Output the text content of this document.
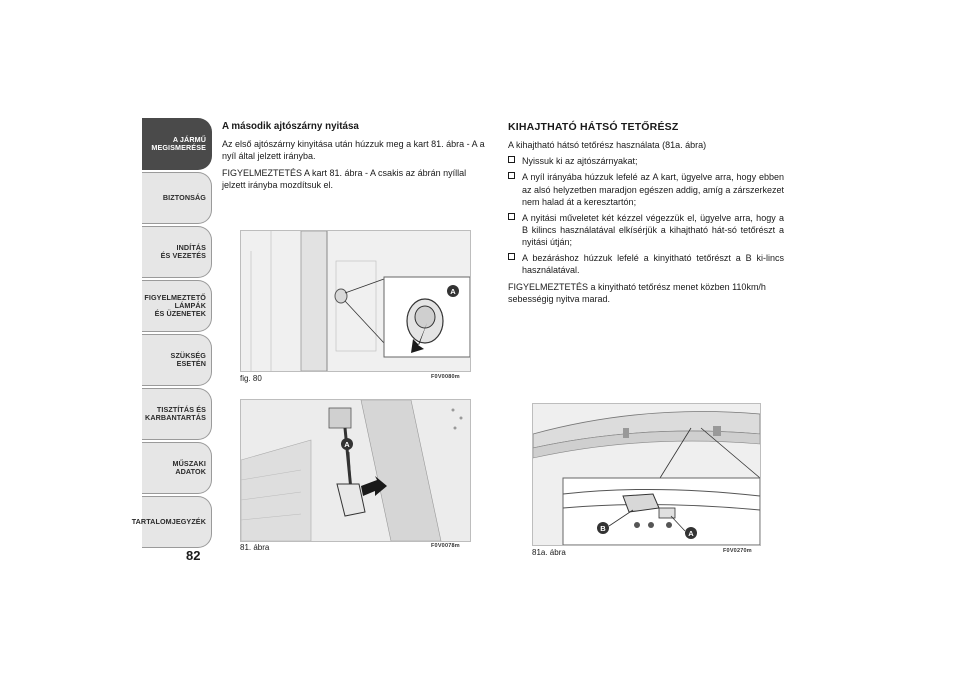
A JÁRMŰ
MEGISMERÉSE
BIZTONSÁG
INDÍTÁS
ÉS VEZETÉS
FIGYELMEZTETŐ
LÁMPÁK
ÉS ÜZENETEK
SZÜKSÉG
ESETÉN
TISZTÍTÁS ÉS
KARBANTARTÁS
MŰSZAKI
ADATOK
TARTALOMJEGYZÉK
82
A második ajtószárny nyitása

Az első ajtószárny kinyitása után húzzuk meg a kart 81. ábra - A a nyíl által jelzett irányba.

FIGYELMEZTETÉS A kart 81. ábra - A csakis az ábrán nyíllal jelzett irányba mozdítsuk el.

A
fig. 80	F0V0080m
A
81. ábra	F0V0078m
KIHAJTHATÓ HÁTSÓ TETŐRÉSZ

A kihajtható hátsó tetőrész használata (81a. ábra)

Nyissuk ki az ajtószárnyakat;
A nyíl irányába húzzuk lefelé az A kart, ügyelve arra, hogy ebben az alsó helyzetben maradjon egészen addig, amíg a zárszerkezet nem halad át a keresztartón;
A nyitási műveletet két kézzel végezzük el, ügyelve arra, hogy a B kilincs használatával elkísérjük a kihajtható hát-só tetőrészt a nyitási útján;
A bezáráshoz húzzuk lefelé a kinyitható tetőrészt a B ki-lincs használatával.

FIGYELMEZTETÉS a kinyitható tetőrész menet közben 110km/h sebességig nyitva marad.

B
A
81a. ábra	F0V0270m
